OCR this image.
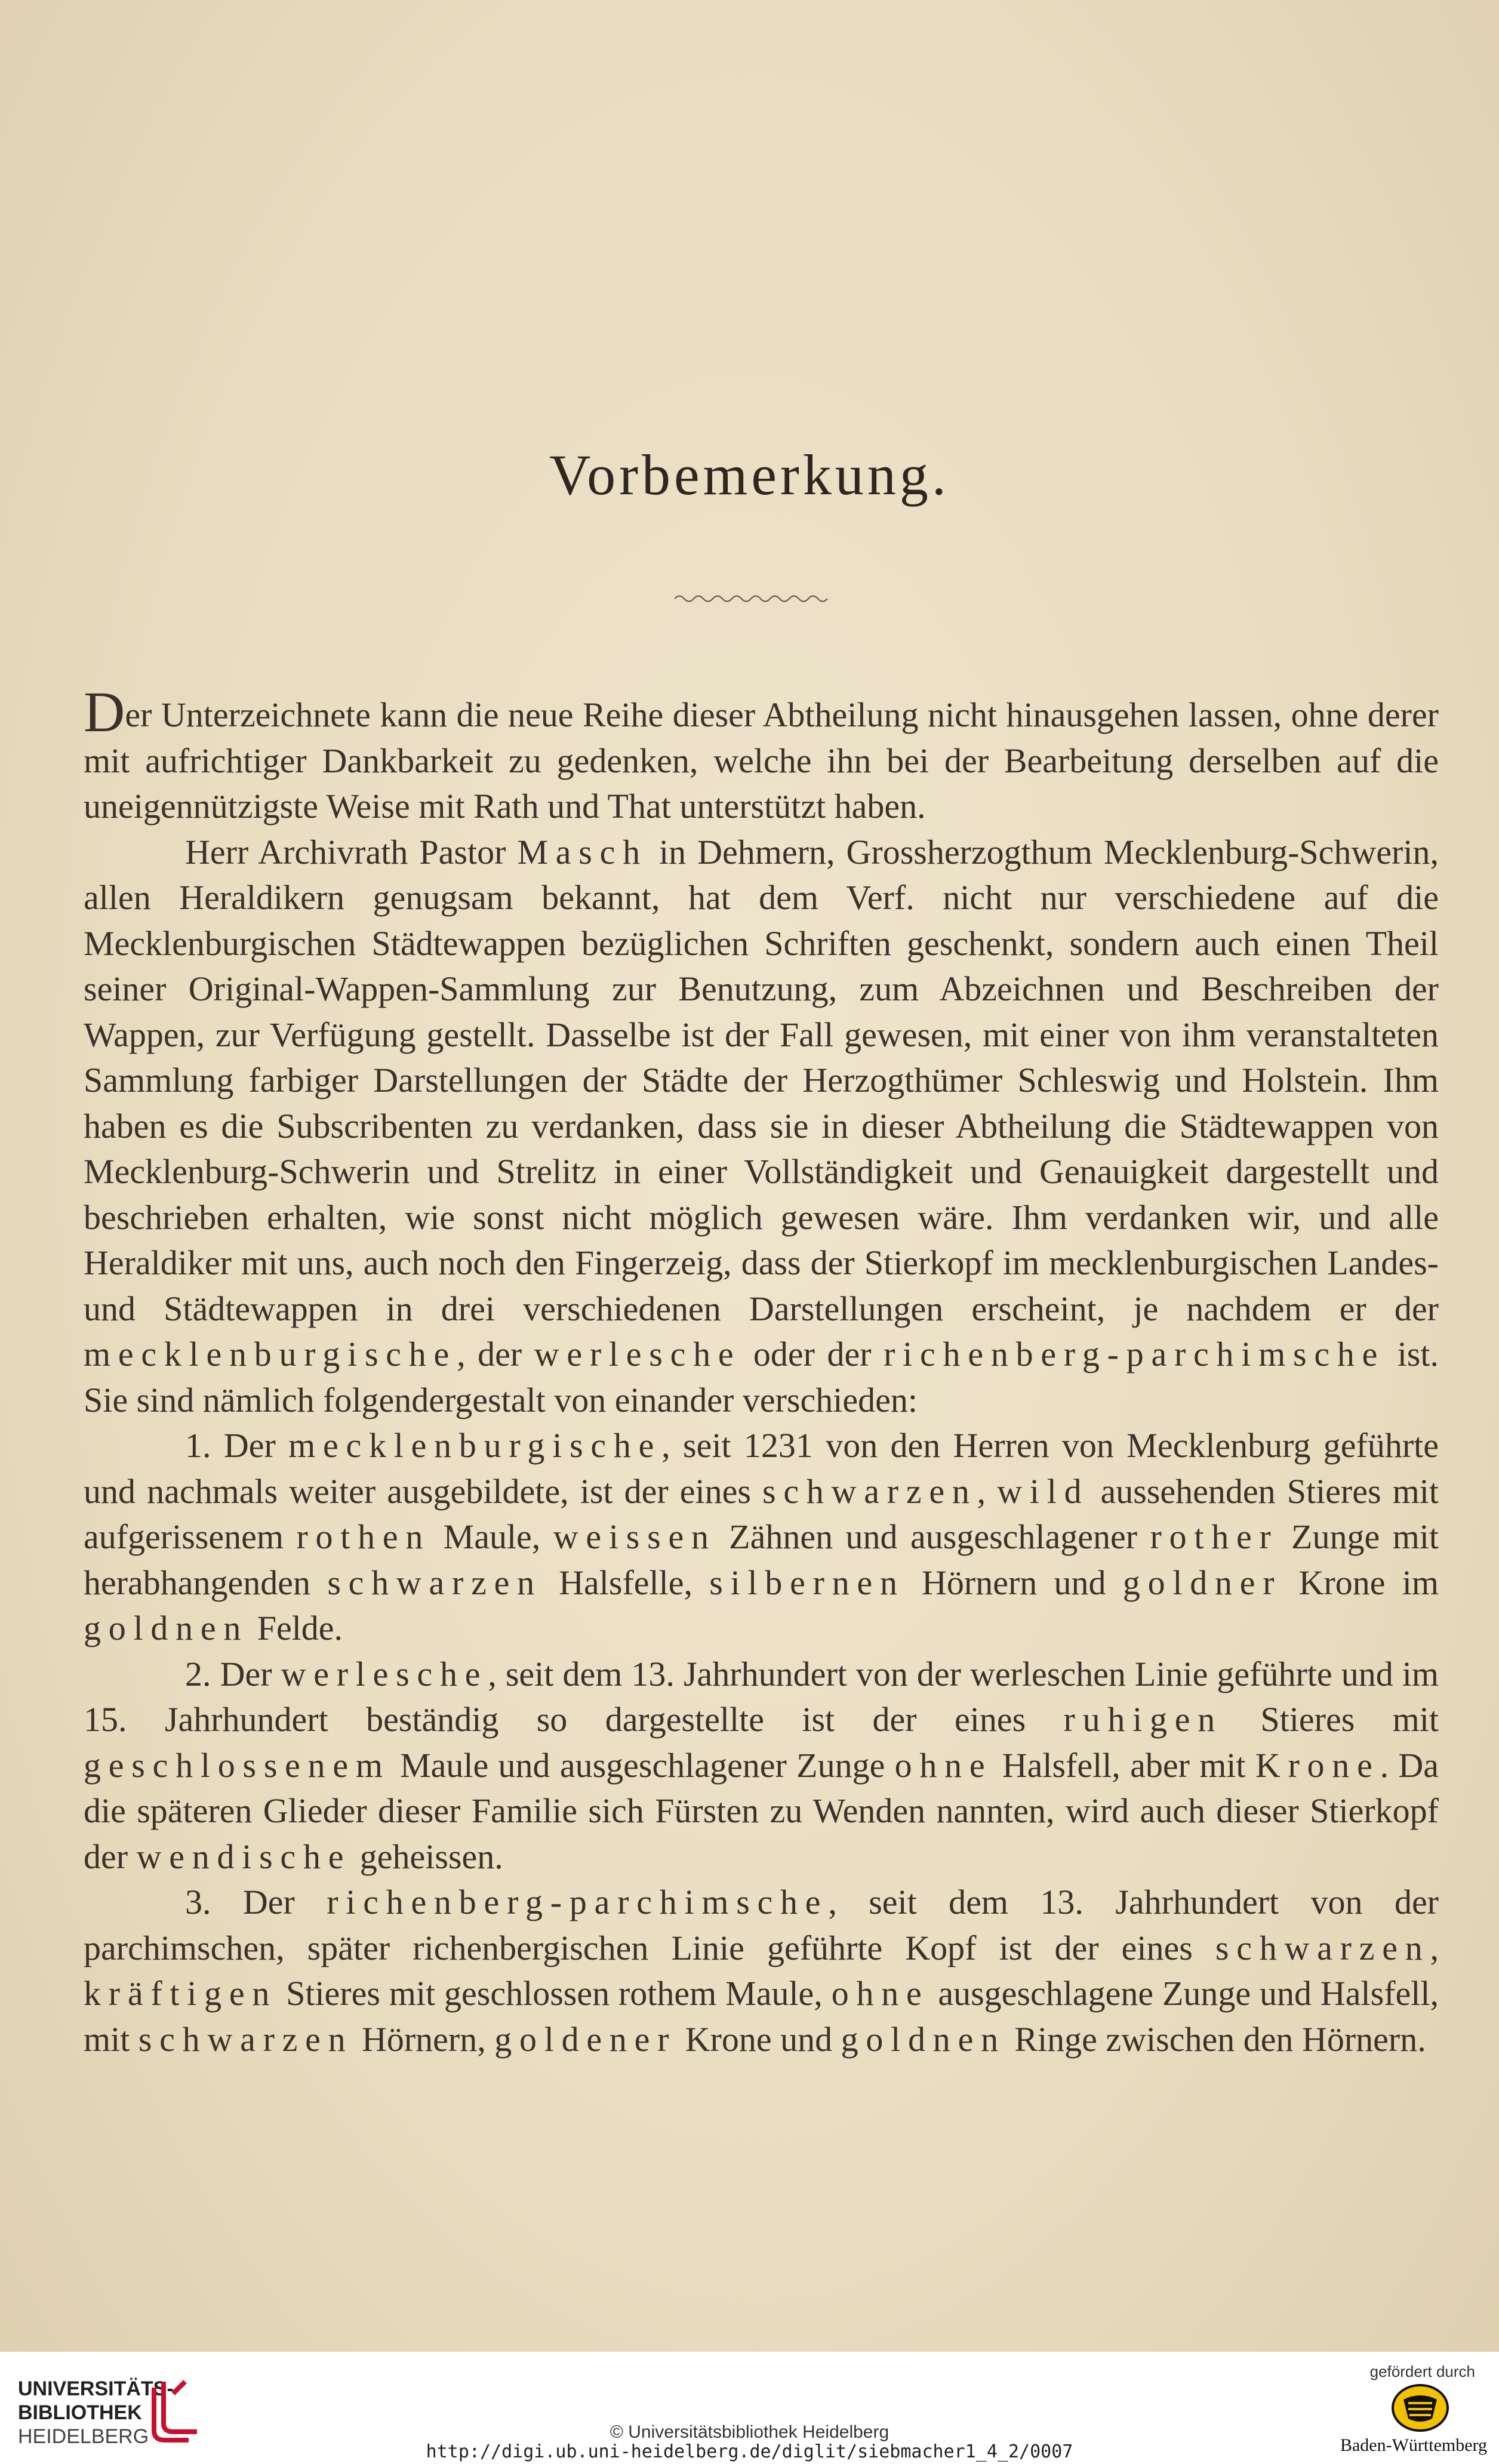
Vorbemerkung.

Der Unterzeichnete kann die neue Reihe dieser Abtheilung nicht hinausgehen lassen, ohne derer mit aufrichtiger Dankbarkeit zu gedenken, welche ihn bei der Bearbeitung derselben auf die uneigennützigste Weise mit Rath und That unterstützt haben.

Herr Archivrath Pastor Masch in Dehmern, Grossherzogthum Mecklenburg-Schwerin, allen Heraldikern genugsam bekannt, hat dem Verf. nicht nur verschiedene auf die Mecklenburgischen Städtewappen bezüglichen Schriften geschenkt, sondern auch einen Theil seiner Original-Wappen-Sammlung zur Benutzung, zum Abzeichnen und Beschreiben der Wappen, zur Verfügung gestellt. Dasselbe ist der Fall gewesen, mit einer von ihm veranstalteten Sammlung farbiger Darstellungen der Städte der Herzogthümer Schleswig und Holstein. Ihm haben es die Subscribenten zu verdanken, dass sie in dieser Abtheilung die Städtewappen von Mecklenburg-Schwerin und Strelitz in einer Vollständigkeit und Genauigkeit dargestellt und beschrieben erhalten, wie sonst nicht möglich gewesen wäre. Ihm verdanken wir, und alle Heraldiker mit uns, auch noch den Fingerzeig, dass der Stierkopf im mecklenburgischen Landes- und Städtewappen in drei verschiedenen Darstellungen erscheint, je nachdem er der mecklenburgische, der werlesche oder der richenberg-parchimsche ist. Sie sind nämlich folgendergestalt von einander verschieden:

1. Der mecklenburgische, seit 1231 von den Herren von Mecklenburg geführte und nachmals weiter ausgebildete, ist der eines schwarzen, wild aussehenden Stieres mit aufgerissenem rothen Maule, weissen Zähnen und ausgeschlagener rother Zunge mit herabhangenden schwarzen Halsfelle, silbernen Hörnern und goldner Krone im goldnen Felde.

2. Der werlesche, seit dem 13. Jahrhundert von der werleschen Linie geführte und im 15. Jahrhundert beständig so dargestellte ist der eines ruhigen Stieres mit geschlossenem Maule und ausgeschlagener Zunge ohne Halsfell, aber mit Krone. Da die späteren Glieder dieser Familie sich Fürsten zu Wenden nannten, wird auch dieser Stierkopf der wendische geheissen.

3. Der richenberg-parchimsche, seit dem 13. Jahrhundert von der parchimschen, später richenbergischen Linie geführte Kopf ist der eines schwarzen, kräftigen Stieres mit geschlossen rothem Maule, ohne ausgeschlagene Zunge und Halsfell, mit schwarzen Hörnern, goldener Krone und goldnen Ringe zwischen den Hörnern.

UNIVERSITÄTS-
BIBLIOTHEK
HEIDELBERG	© Universitätsbibliothek Heidelberg
http://digi.ub.uni-heidelberg.de/diglit/siebmacher1_4_2/0007
gefördert durch
Baden-Württemberg
